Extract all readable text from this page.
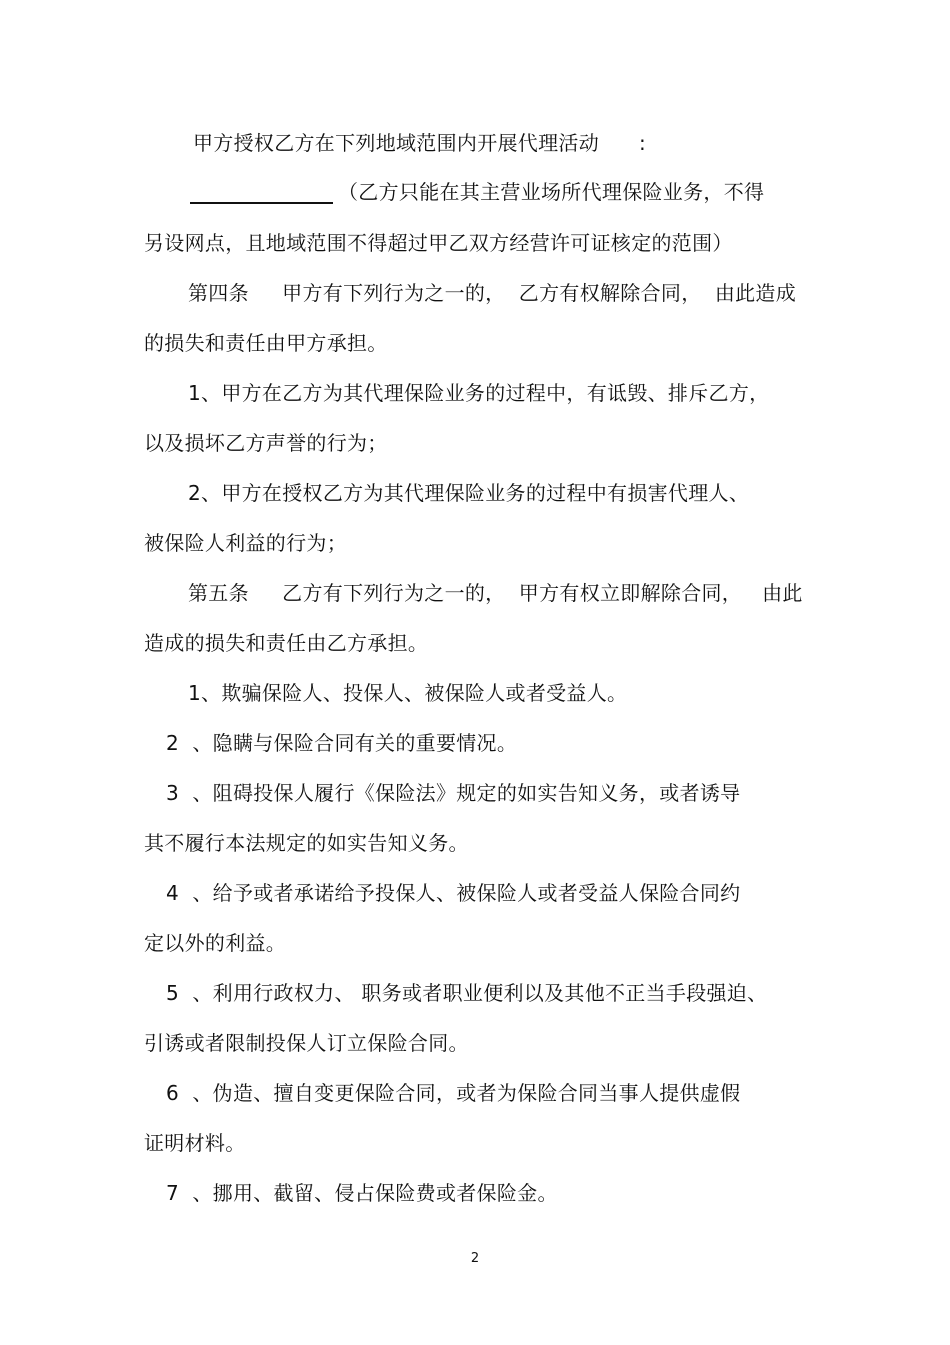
甲方授权乙方在下列地域范围内开展代理活动      :
（乙方只能在其主营业场所代理保险业务，不得
另设网点，且地域范围不得超过甲乙双方经营许可证核定的范围）
第四条     甲方有下列行为之一的，  乙方有权解除合同，  由此造成
的损失和责任由甲方承担。
1、甲方在乙方为其代理保险业务的过程中，有诋毁、排斥乙方，
以及损坏乙方声誉的行为；
2、甲方在授权乙方为其代理保险业务的过程中有损害代理人、
被保险人利益的行为；
第五条     乙方有下列行为之一的，  甲方有权立即解除合同，   由此
造成的损失和责任由乙方承担。
1、欺骗保险人、投保人、被保险人或者受益人。
2  、隐瞒与保险合同有关的重要情况。
3  、阻碍投保人履行《保险法》规定的如实告知义务，或者诱导
其不履行本法规定的如实告知义务。
4  、给予或者承诺给予投保人、被保险人或者受益人保险合同约
定以外的利益。
5  、利用行政权力、 职务或者职业便利以及其他不正当手段强迫、
引诱或者限制投保人订立保险合同。
6  、伪造、擅自变更保险合同，或者为保险合同当事人提供虚假
证明材料。
7  、挪用、截留、侵占保险费或者保险金。
2
